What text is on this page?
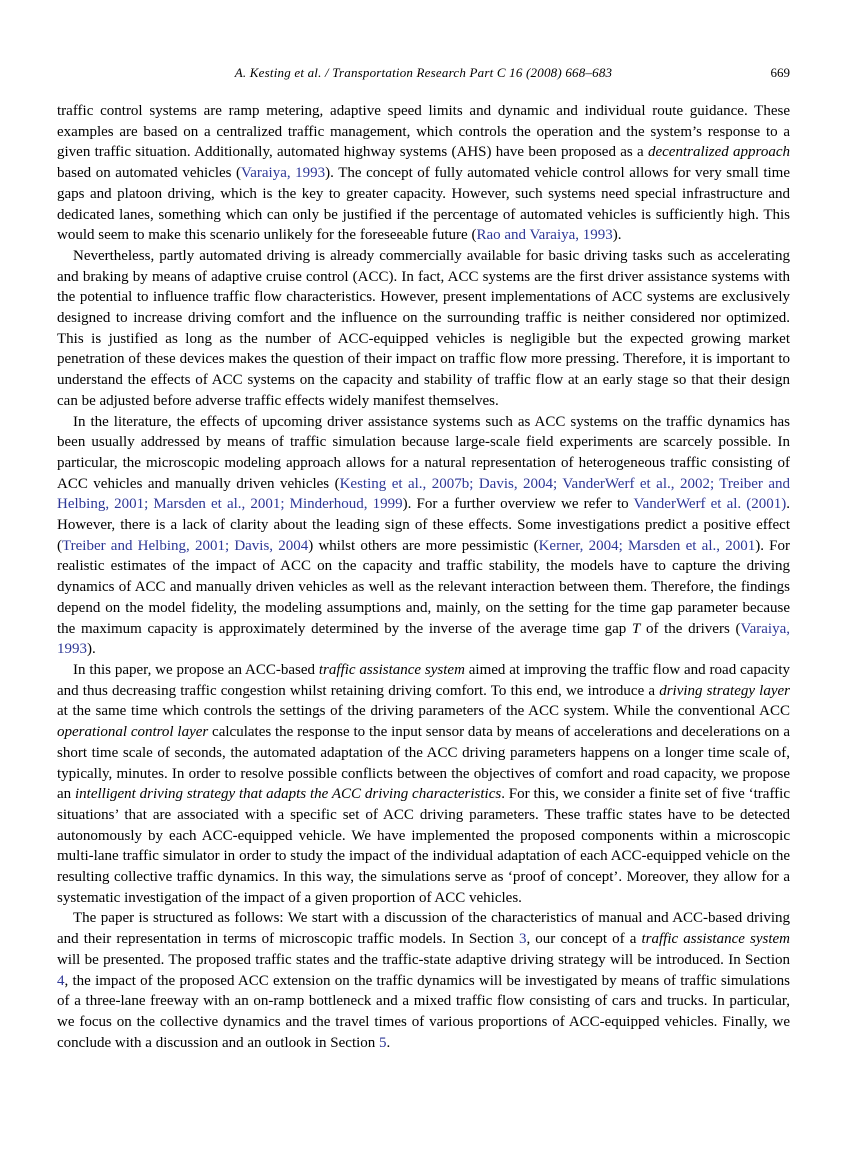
A. Kesting et al. / Transportation Research Part C 16 (2008) 668–683	669

traffic control systems are ramp metering, adaptive speed limits and dynamic and individual route guidance. These examples are based on a centralized traffic management, which controls the operation and the system’s response to a given traffic situation. Additionally, automated highway systems (AHS) have been proposed as a decentralized approach based on automated vehicles (Varaiya, 1993). The concept of fully automated vehicle control allows for very small time gaps and platoon driving, which is the key to greater capacity. However, such systems need special infrastructure and dedicated lanes, something which can only be justified if the percentage of automated vehicles is sufficiently high. This would seem to make this scenario unlikely for the foreseeable future (Rao and Varaiya, 1993).

Nevertheless, partly automated driving is already commercially available for basic driving tasks such as accelerating and braking by means of adaptive cruise control (ACC). In fact, ACC systems are the first driver assistance systems with the potential to influence traffic flow characteristics. However, present implementations of ACC systems are exclusively designed to increase driving comfort and the influence on the surrounding traffic is neither considered nor optimized. This is justified as long as the number of ACC-equipped vehicles is negligible but the expected growing market penetration of these devices makes the question of their impact on traffic flow more pressing. Therefore, it is important to understand the effects of ACC systems on the capacity and stability of traffic flow at an early stage so that their design can be adjusted before adverse traffic effects widely manifest themselves.

In the literature, the effects of upcoming driver assistance systems such as ACC systems on the traffic dynamics has been usually addressed by means of traffic simulation because large-scale field experiments are scarcely possible. In particular, the microscopic modeling approach allows for a natural representation of heterogeneous traffic consisting of ACC vehicles and manually driven vehicles (Kesting et al., 2007b; Davis, 2004; VanderWerf et al., 2002; Treiber and Helbing, 2001; Marsden et al., 2001; Minderhoud, 1999). For a further overview we refer to VanderWerf et al. (2001). However, there is a lack of clarity about the leading sign of these effects. Some investigations predict a positive effect (Treiber and Helbing, 2001; Davis, 2004) whilst others are more pessimistic (Kerner, 2004; Marsden et al., 2001). For realistic estimates of the impact of ACC on the capacity and traffic stability, the models have to capture the driving dynamics of ACC and manually driven vehicles as well as the relevant interaction between them. Therefore, the findings depend on the model fidelity, the modeling assumptions and, mainly, on the setting for the time gap parameter because the maximum capacity is approximately determined by the inverse of the average time gap T of the drivers (Varaiya, 1993).

In this paper, we propose an ACC-based traffic assistance system aimed at improving the traffic flow and road capacity and thus decreasing traffic congestion whilst retaining driving comfort. To this end, we introduce a driving strategy layer at the same time which controls the settings of the driving parameters of the ACC system. While the conventional ACC operational control layer calculates the response to the input sensor data by means of accelerations and decelerations on a short time scale of seconds, the automated adaptation of the ACC driving parameters happens on a longer time scale of, typically, minutes. In order to resolve possible conflicts between the objectives of comfort and road capacity, we propose an intelligent driving strategy that adapts the ACC driving characteristics. For this, we consider a finite set of five ‘traffic situations’ that are associated with a specific set of ACC driving parameters. These traffic states have to be detected autonomously by each ACC-equipped vehicle. We have implemented the proposed components within a microscopic multi-lane traffic simulator in order to study the impact of the individual adaptation of each ACC-equipped vehicle on the resulting collective traffic dynamics. In this way, the simulations serve as ‘proof of concept’. Moreover, they allow for a systematic investigation of the impact of a given proportion of ACC vehicles.

The paper is structured as follows: We start with a discussion of the characteristics of manual and ACC-based driving and their representation in terms of microscopic traffic models. In Section 3, our concept of a traffic assistance system will be presented. The proposed traffic states and the traffic-state adaptive driving strategy will be introduced. In Section 4, the impact of the proposed ACC extension on the traffic dynamics will be investigated by means of traffic simulations of a three-lane freeway with an on-ramp bottleneck and a mixed traffic flow consisting of cars and trucks. In particular, we focus on the collective dynamics and the travel times of various proportions of ACC-equipped vehicles. Finally, we conclude with a discussion and an outlook in Section 5.
